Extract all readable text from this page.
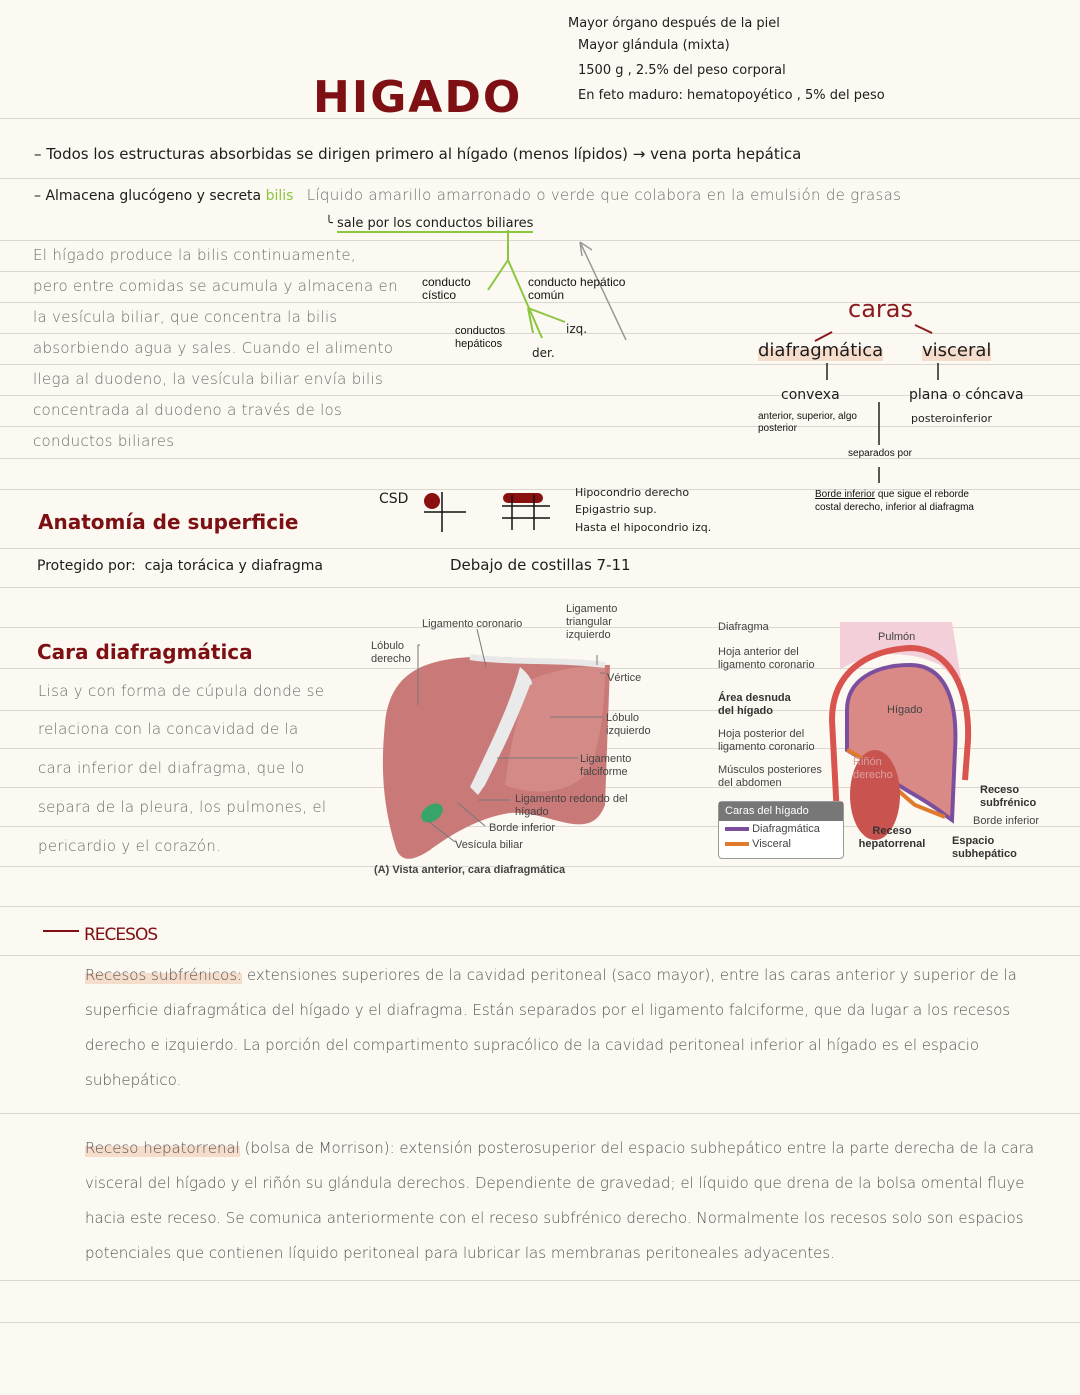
HIGADO
Mayor órgano después de la piel
Mayor glándula (mixta)
1500 g , 2.5% del peso corporal
En feto maduro: hematopoyético , 5% del peso
– Todos los estructuras absorbidas se dirigen primero al hígado (menos lípidos) → vena porta hepática
– Almacena glucógeno y secreta bilis Líquido amarillo amarronado o verde que colabora en la emulsión de grasas
╰ sale por los conductos biliares
El hígado produce la bilis continuamente,
pero entre comidas se acumula y almacena en
la vesícula biliar, que concentra la bilis
absorbiendo agua y sales. Cuando el alimento
llega al duodeno, la vesícula biliar envía bilis
concentrada al duodeno a través de los
conductos biliares
conducto cístico
conducto hepático común
conductos hepáticos
izq.
der.
caras
diafragmática visceral
convexa
anterior, superior, algo posterior
plana o cóncava
posteroinferior
separados por
Borde inferior que sigue el reborde costal derecho, inferior al diafragma
Anatomía de superficie
CSD	Hipocondrio derecho
Epigastrio sup.
Hasta el hipocondrio izq.
Protegido por: caja torácica y diafragma	Debajo de costillas 7-11
Cara diafragmática
Lisa y con forma de cúpula donde se
relaciona con la concavidad de la
cara inferior del diafragma, que lo
separa de la pleura, los pulmones, el
pericardio y el corazón.
Ligamento coronario
Ligamento triangular izquierdo
Lóbulo derecho
Vértice
Lóbulo izquierdo
Ligamento falciforme
Ligamento redondo del hígado
Borde inferior
Vesícula biliar
(A) Vista anterior, cara diafragmática
Diafragma
Hoja anterior del ligamento coronario
Área desnuda del hígado
Hoja posterior del ligamento coronario
Músculos posteriores del abdomen
Pulmón
Hígado
Riñón derecho
Receso subfrénico
Borde inferior
Receso hepatorrenal	Espacio subhepático
Caras del hígado
Diafragmática
Visceral
RECESOS
Recesos subfrénicos: extensiones superiores de la cavidad peritoneal (saco mayor), entre las caras anterior y superior de la superficie diafragmática del hígado y el diafragma. Están separados por el ligamento falciforme, que da lugar a los recesos derecho e izquierdo. La porción del compartimento supracólico de la cavidad peritoneal inferior al hígado es el espacio subhepático.
Receso hepatorrenal (bolsa de Morrison): extensión posterosuperior del espacio subhepático entre la parte derecha de la cara visceral del hígado y el riñón su glándula derechos. Dependiente de gravedad; el líquido que drena de la bolsa omental fluye hacia este receso. Se comunica anteriormente con el receso subfrénico derecho. Normalmente los recesos solo son espacios potenciales que contienen líquido peritoneal para lubricar las membranas peritoneales adyacentes.
